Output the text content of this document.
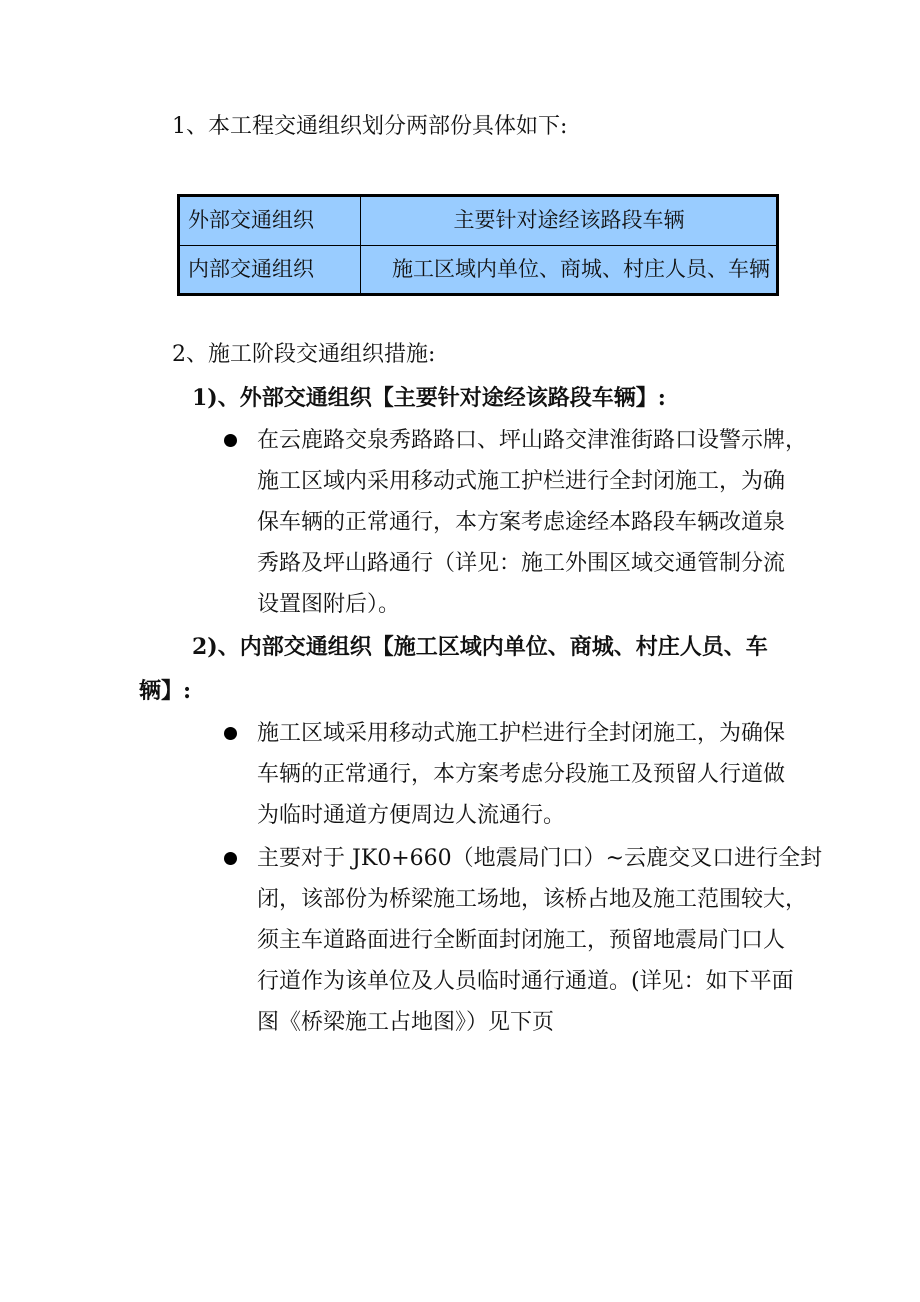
1、本工程交通组织划分两部份具体如下:
外部交通组织	主要针对途经该路段车辆
内部交通组织	施工区域内单位、商城、村庄人员、车辆
2、施工阶段交通组织措施:
1)、外部交通组织【主要针对途经该路段车辆】:
在云鹿路交泉秀路路口、坪山路交津淮街路口设警示牌，
施工区域内采用移动式施工护栏进行全封闭施工，为确
保车辆的正常通行，本方案考虑途经本路段车辆改道泉
秀路及坪山路通行（详见：施工外围区域交通管制分流
设置图附后）。
2)、内部交通组织【施工区域内单位、商城、村庄人员、车
辆】:
施工区域采用移动式施工护栏进行全封闭施工，为确保
车辆的正常通行，本方案考虑分段施工及预留人行道做
为临时通道方便周边人流通行。
主要对于 JK0+660（地震局门口）~云鹿交叉口进行全封
闭，该部份为桥梁施工场地，该桥占地及施工范围较大，
须主车道路面进行全断面封闭施工，预留地震局门口人
行道作为该单位及人员临时通行通道。(详见：如下平面
图《桥梁施工占地图》）见下页
